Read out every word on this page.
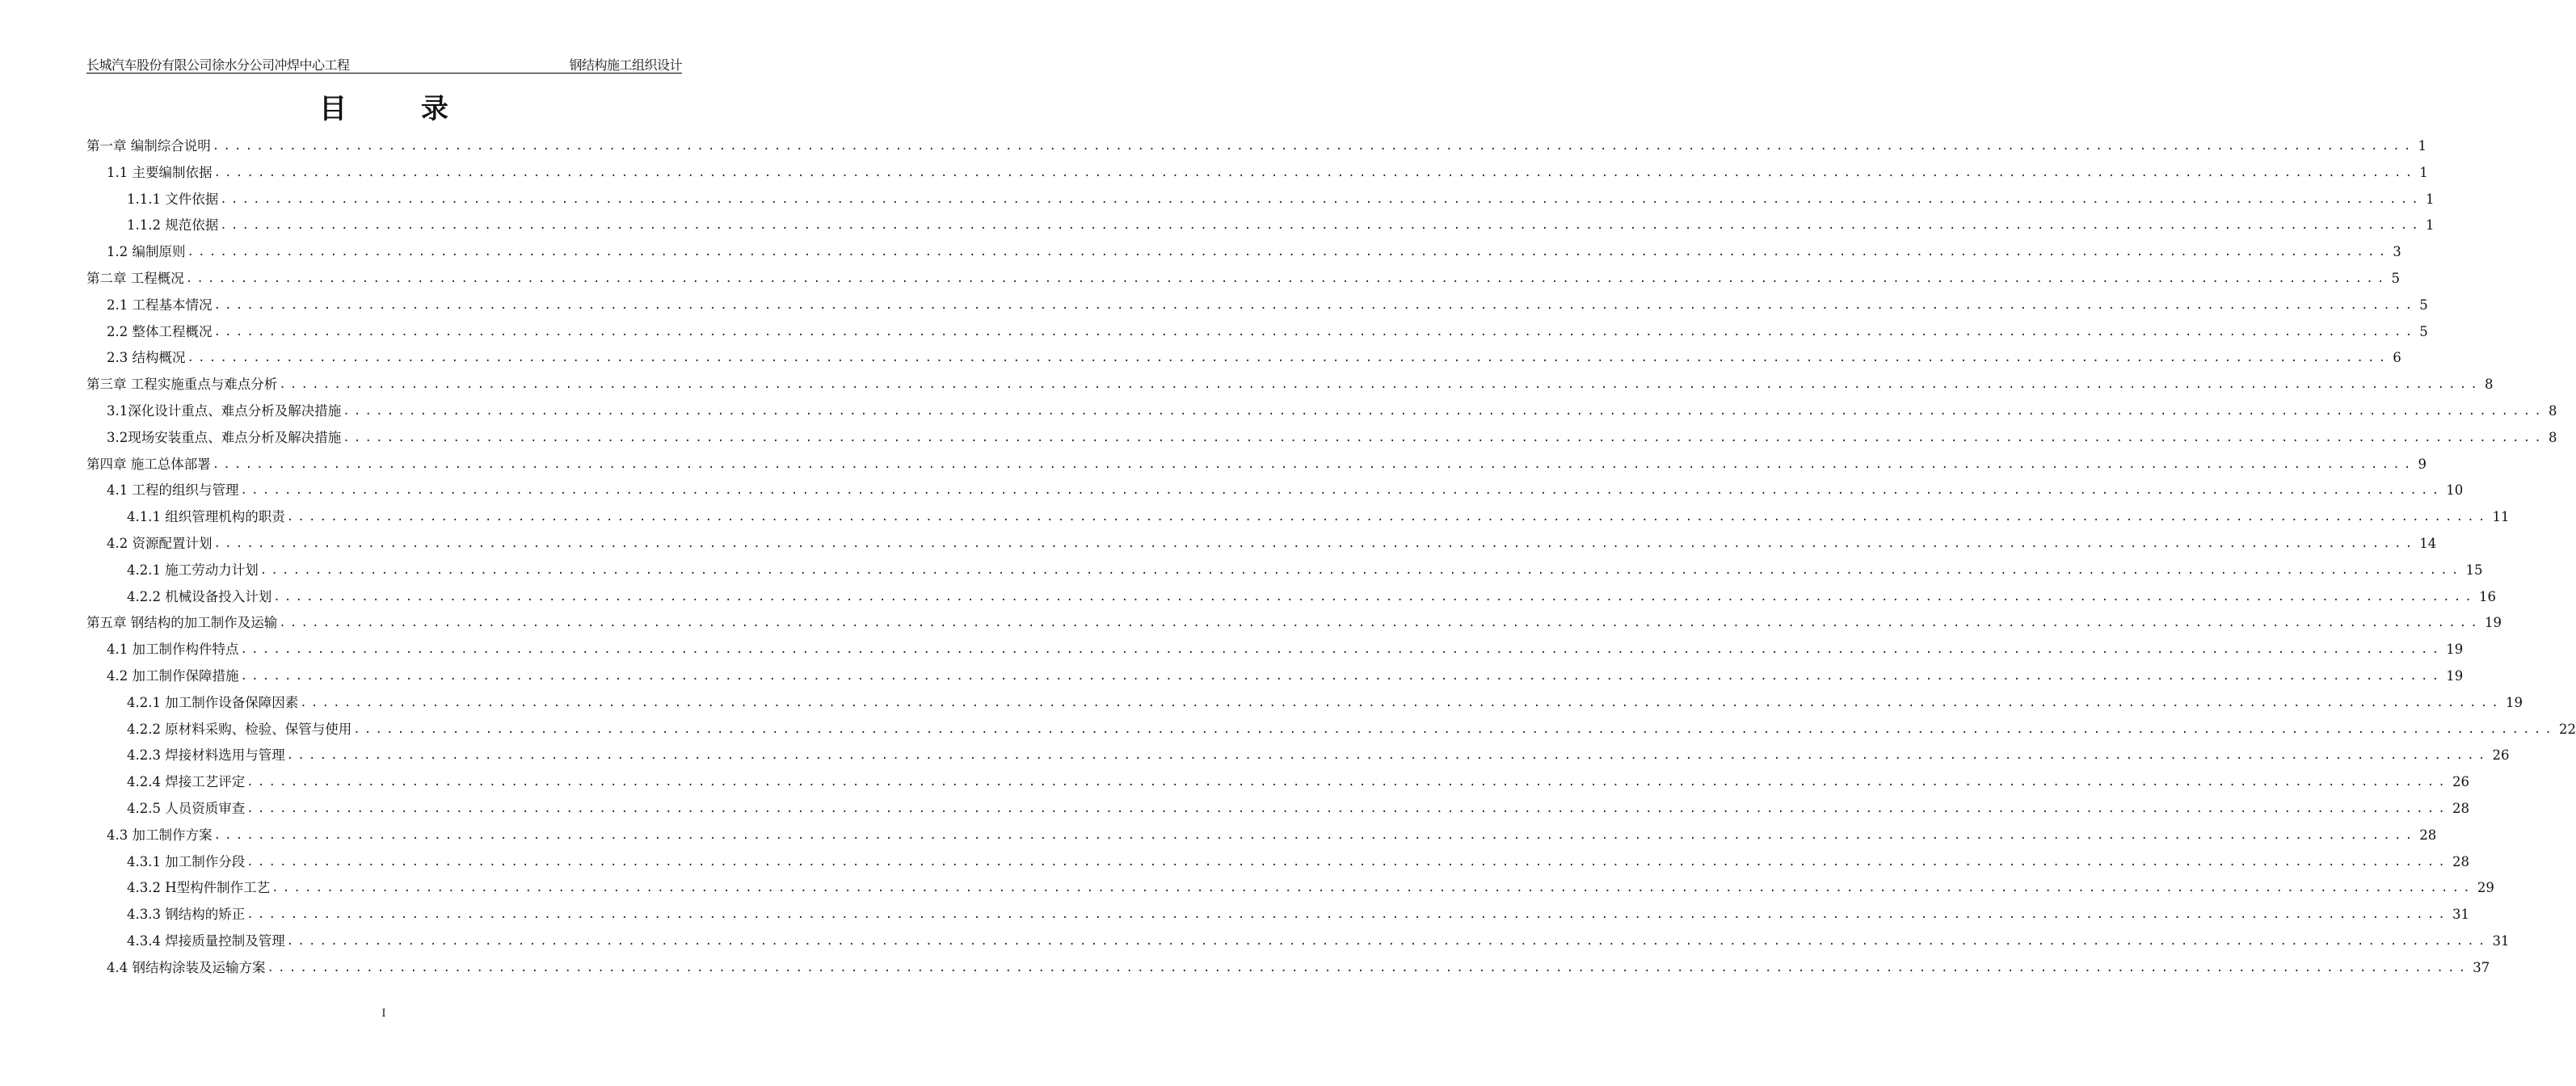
长城汽车股份有限公司徐水分公司冲焊中心工程	钢结构施工组织设计
目 录
第一章 编制综合说明 ........................................................................................................................................................................................................ 1
1.1 主要编制依据 ........................................................................................................................................................................................................ 1
1.1.1 文件依据 ........................................................................................................................................................................................................ 1
1.1.2 规范依据 ........................................................................................................................................................................................................ 1
1.2 编制原则 ........................................................................................................................................................................................................ 3
第二章 工程概况 ........................................................................................................................................................................................................ 5
2.1 工程基本情况 ........................................................................................................................................................................................................ 5
2.2 整体工程概况 ........................................................................................................................................................................................................ 5
2.3 结构概况 ........................................................................................................................................................................................................ 6
第三章 工程实施重点与难点分析 ........................................................................................................................................................................................................ 8
3.1深化设计重点、难点分析及解决措施 ........................................................................................................................................................................................................ 8
3.2现场安装重点、难点分析及解决措施 ........................................................................................................................................................................................................ 8
第四章 施工总体部署 ........................................................................................................................................................................................................ 9
4.1 工程的组织与管理 ........................................................................................................................................................................................................ 10
4.1.1 组织管理机构的职责 ........................................................................................................................................................................................................ 11
4.2 资源配置计划 ........................................................................................................................................................................................................ 14
4.2.1 施工劳动力计划 ........................................................................................................................................................................................................ 15
4.2.2 机械设备投入计划 ........................................................................................................................................................................................................ 16
第五章 钢结构的加工制作及运输 ........................................................................................................................................................................................................ 19
4.1 加工制作构件特点 ........................................................................................................................................................................................................ 19
4.2 加工制作保障措施 ........................................................................................................................................................................................................ 19
4.2.1 加工制作设备保障因素 ........................................................................................................................................................................................................ 19
4.2.2 原材料采购、检验、保管与使用 ........................................................................................................................................................................................................ 22
4.2.3 焊接材料选用与管理 ........................................................................................................................................................................................................ 26
4.2.4 焊接工艺评定 ........................................................................................................................................................................................................ 26
4.2.5 人员资质审查 ........................................................................................................................................................................................................ 28
4.3 加工制作方案 ........................................................................................................................................................................................................ 28
4.3.1 加工制作分段 ........................................................................................................................................................................................................ 28
4.3.2 H型构件制作工艺 ........................................................................................................................................................................................................ 29
4.3.3 钢结构的矫正 ........................................................................................................................................................................................................ 31
4.3.4 焊接质量控制及管理 ........................................................................................................................................................................................................ 31
4.4 钢结构涂装及运输方案 ........................................................................................................................................................................................................ 37
I
